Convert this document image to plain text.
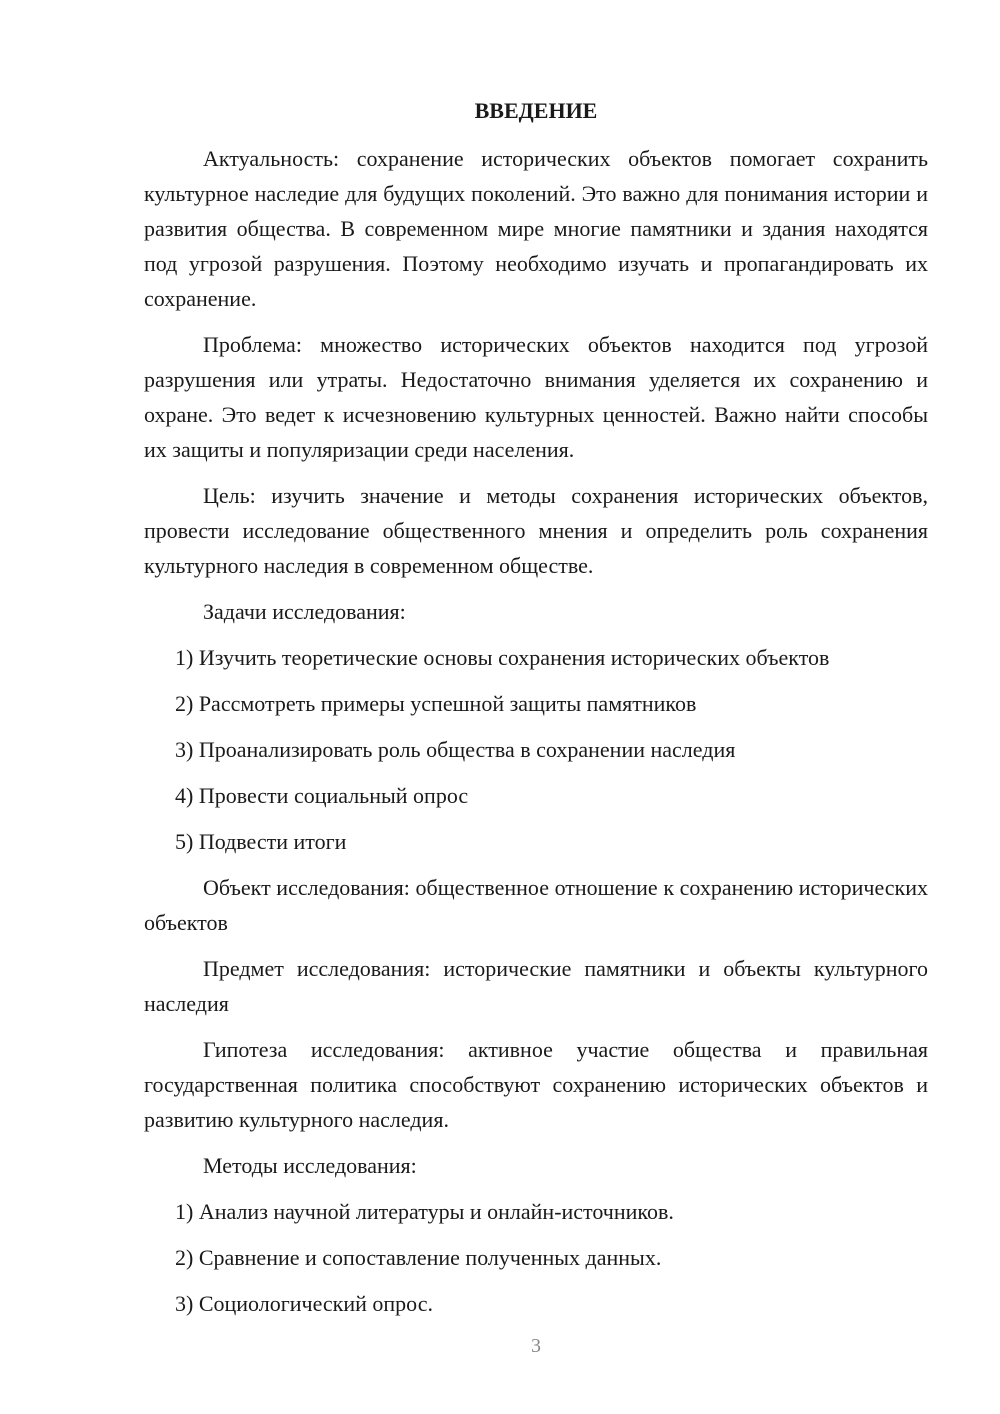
ВВЕДЕНИЕ

Актуальность: сохранение исторических объектов помогает сохранить культурное наследие для будущих поколений. Это важно для понимания истории и развития общества. В современном мире многие памятники и здания находятся под угрозой разрушения. Поэтому необходимо изучать и пропагандировать их сохранение.

Проблема: множество исторических объектов находится под угрозой разрушения или утраты. Недостаточно внимания уделяется их сохранению и охране. Это ведет к исчезновению культурных ценностей. Важно найти способы их защиты и популяризации среди населения.

Цель: изучить значение и методы сохранения исторических объектов, провести исследование общественного мнения и определить роль сохранения культурного наследия в современном обществе.

Задачи исследования:

1) Изучить теоретические основы сохранения исторических объектов
2) Рассмотреть примеры успешной защиты памятников
3) Проанализировать роль общества в сохранении наследия
4) Провести социальный опрос
5) Подвести итоги

Объект исследования: общественное отношение к сохранению исторических объектов

Предмет исследования: исторические памятники и объекты культурного наследия

Гипотеза исследования: активное участие общества и правильная государственная политика способствуют сохранению исторических объектов и развитию культурного наследия.

Методы исследования:

1) Анализ научной литературы и онлайн-источников.
2) Сравнение и сопоставление полученных данных.
3) Социологический опрос.
3
